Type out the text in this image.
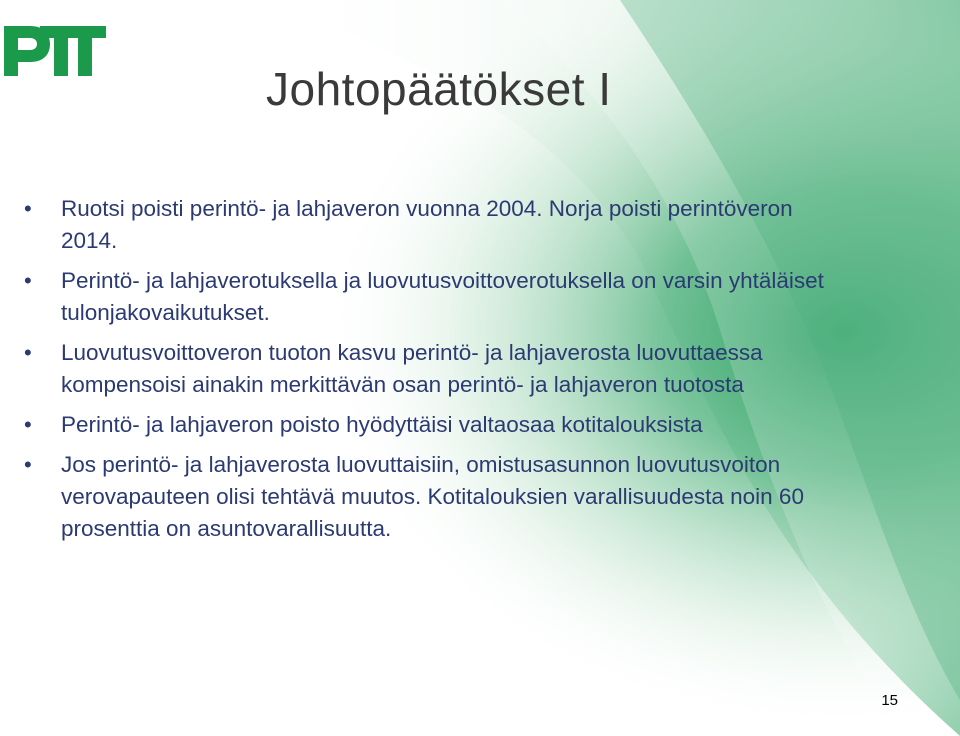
Johtopäätökset I
• Ruotsi poisti perintö- ja lahjaveron vuonna 2004. Norja poisti perintöveron 2014.
• Perintö- ja lahjaverotuksella ja luovutusvoittoverotuksella on varsin yhtäläiset tulonjakovaikutukset.
• Luovutusvoittoveron tuoton kasvu perintö- ja lahjaverosta luovuttaessa kompensoisi ainakin merkittävän osan perintö- ja lahjaveron tuotosta
• Perintö- ja lahjaveron poisto hyödyttäisi valtaosaa kotitalouksista
• Jos perintö- ja lahjaverosta luovuttaisiin, omistusasunnon luovutusvoiton verovapauteen olisi tehtävä muutos. Kotitalouksien varallisuudesta noin 60 prosenttia on asuntovarallisuutta.
15
